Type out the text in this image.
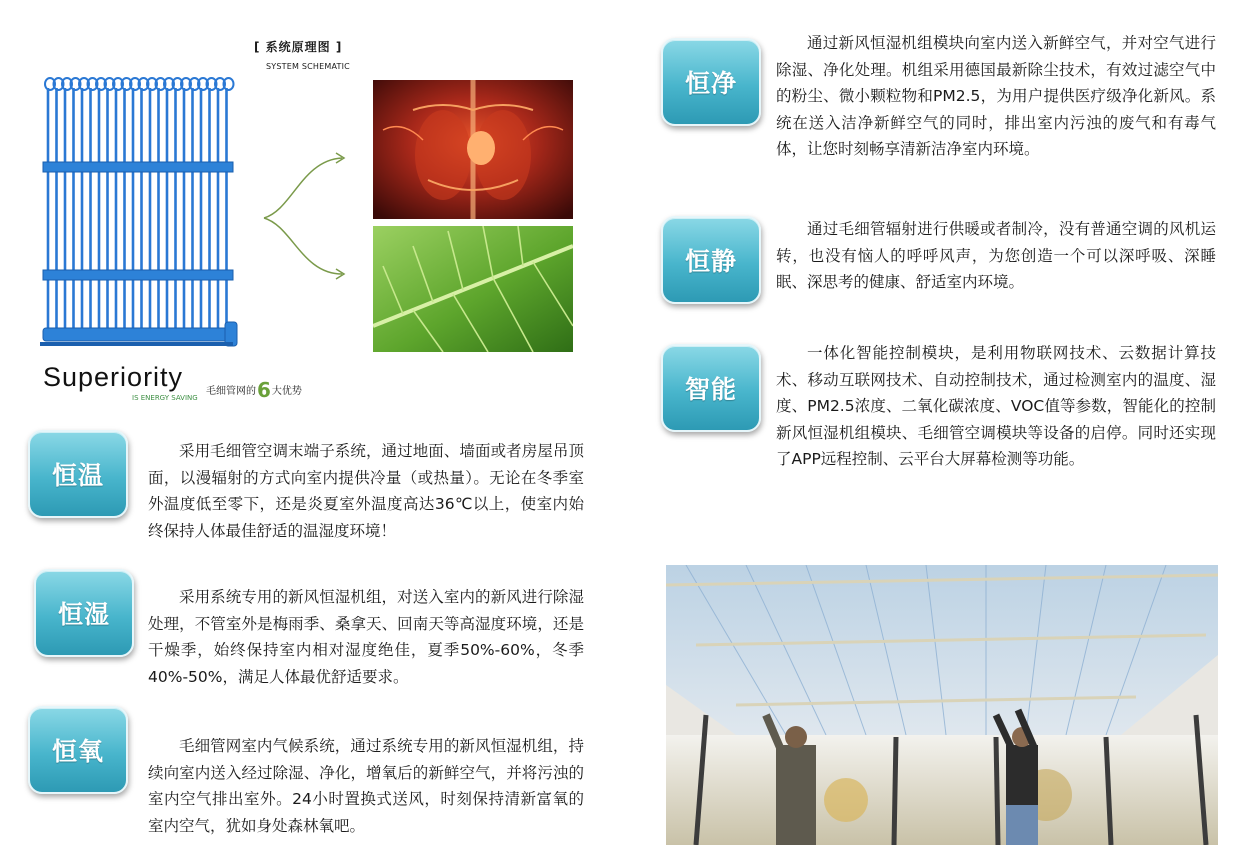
[ 系统原理图 ]
SYSTEM SCHEMATIC
Superiority 毛细管网的6大优势
IS ENERGY SAVING
恒温
采用毛细管空调末端子系统，通过地面、墙面或者房屋吊顶面，以漫辐射的方式向室内提供冷量（或热量）。无论在冬季室外温度低至零下，还是炎夏室外温度高达36℃以上，使室内始终保持人体最佳舒适的温湿度环境！
恒湿
采用系统专用的新风恒湿机组，对送入室内的新风进行除湿处理，不管室外是梅雨季、桑拿天、回南天等高湿度环境，还是干燥季，始终保持室内相对湿度绝佳，夏季50%-60%，冬季40%-50%，满足人体最优舒适要求。
恒氧	毛细管网室内气候系统，通过系统专用的新风恒湿机组，持续向室内送入经过除湿、净化，增氧后的新鲜空气，并将污浊的室内空气排出室外。24小时置换式送风，时刻保持清新富氧的室内空气，犹如身处森林氧吧。
恒净
通过新风恒湿机组模块向室内送入新鲜空气，并对空气进行除湿、净化处理。机组采用德国最新除尘技术，有效过滤空气中的粉尘、微小颗粒物和PM2.5，为用户提供医疗级净化新风。系统在送入洁净新鲜空气的同时，排出室内污浊的废气和有毒气体，让您时刻畅享清新洁净室内环境。
恒静
通过毛细管辐射进行供暖或者制冷，没有普通空调的风机运转，也没有恼人的呼呼风声，为您创造一个可以深呼吸、深睡眠、深思考的健康、舒适室内环境。
智能
一体化智能控制模块，是利用物联网技术、云数据计算技术、移动互联网技术、自动控制技术，通过检测室内的温度、湿度、PM2.5浓度、二氧化碳浓度、VOC值等参数，智能化的控制新风恒湿机组模块、毛细管空调模块等设备的启停。同时还实现了APP远程控制、云平台大屏幕检测等功能。
